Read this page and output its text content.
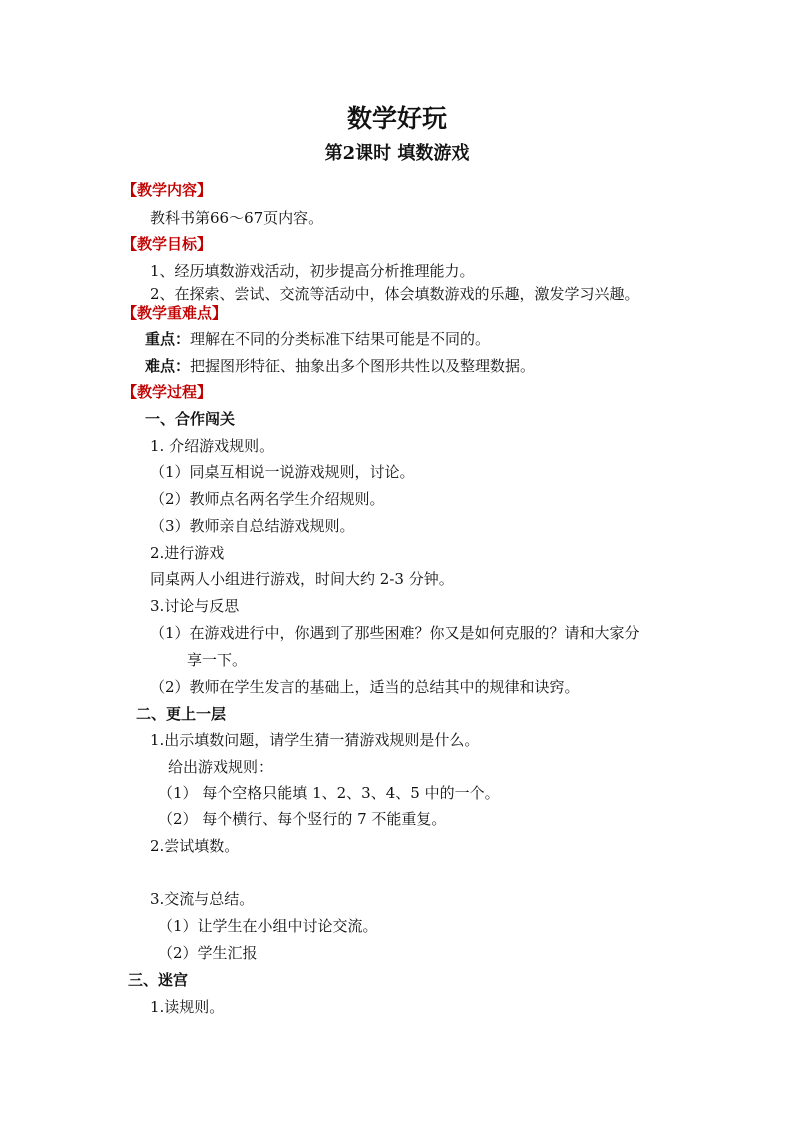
数学好玩
第2课时 填数游戏
【教学内容】
教科书第66～67页内容。
【教学目标】
1、经历填数游戏活动，初步提高分析推理能力。
2、在探索、尝试、交流等活动中，体会填数游戏的乐趣，激发学习兴趣。
【教学重难点】
重点：理解在不同的分类标准下结果可能是不同的。
难点：把握图形特征、抽象出多个图形共性以及整理数据。
【教学过程】
一、合作闯关
1. 介绍游戏规则。
（1）同桌互相说一说游戏规则，讨论。
（2）教师点名两名学生介绍规则。
（3）教师亲自总结游戏规则。
2.进行游戏
同桌两人小组进行游戏，时间大约 2-3 分钟。
3.讨论与反思
（1）在游戏进行中，你遇到了那些困难？你又是如何克服的？请和大家分
享一下。
（2）教师在学生发言的基础上，适当的总结其中的规律和诀窍。
二、更上一层
1.出示填数问题，请学生猜一猜游戏规则是什么。
给出游戏规则：
（1） 每个空格只能填 1、2、3、4、5 中的一个。
（2） 每个横行、每个竖行的 7 不能重复。
2.尝试填数。
3.交流与总结。
（1）让学生在小组中讨论交流。
（2）学生汇报
三、迷宫
1.读规则。
